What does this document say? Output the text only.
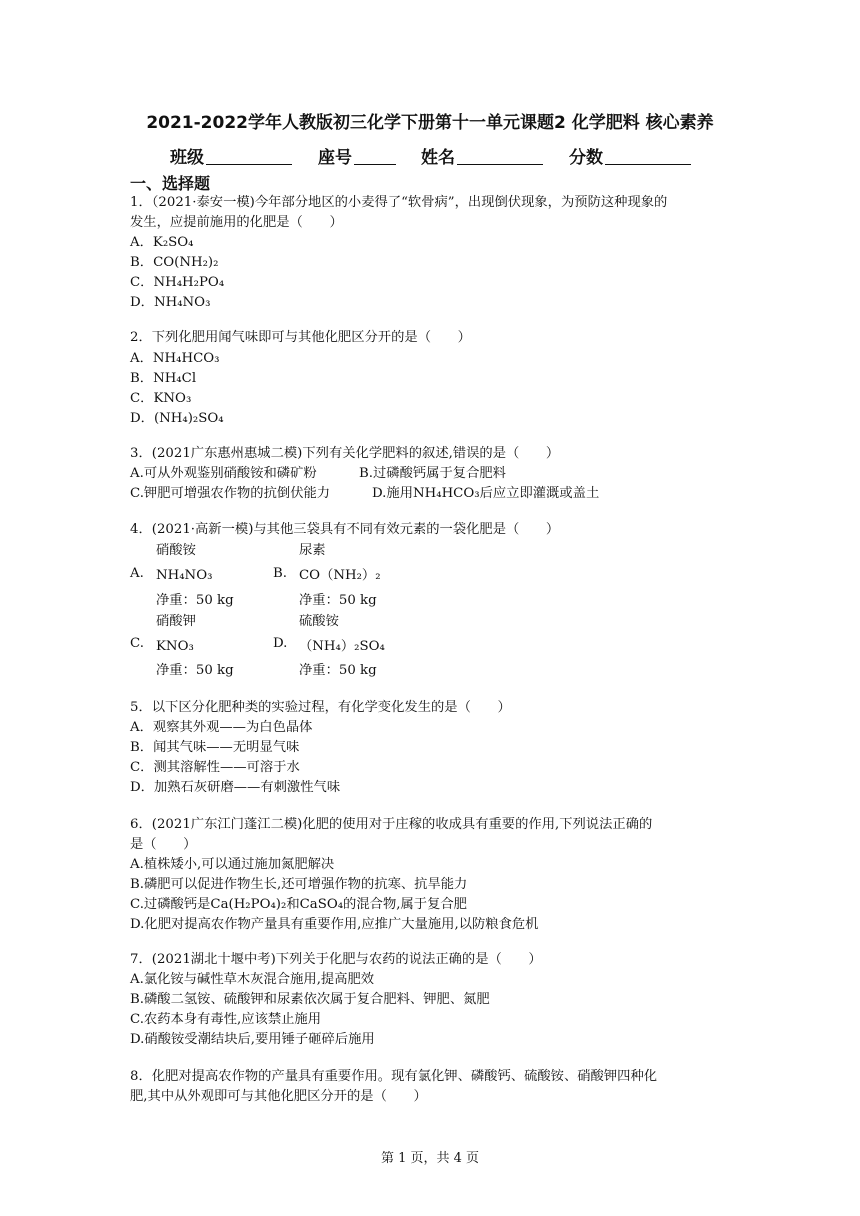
2021-2022学年人教版初三化学下册第十一单元课题2 化学肥料 核心素养
班级	座号	姓名	分数
一、选择题
1．（2021·泰安一模)今年部分地区的小麦得了“软骨病”，出现倒伏现象，为预防这种现象的
发生，应提前施用的化肥是（　　）
A．K₂SO₄
B．CO(NH₂)₂
C．NH₄H₂PO₄
D．NH₄NO₃
2．下列化肥用闻气味即可与其他化肥区分开的是（　　）
A．NH₄HCO₃
B．NH₄Cl
C．KNO₃
D．(NH₄)₂SO₄
3．(2021广东惠州惠城二模)下列有关化学肥料的叙述,错误的是（　　）
A.可从外观鉴别硝酸铵和磷矿粉	B.过磷酸钙属于复合肥料
C.钾肥可增强农作物的抗倒伏能力	D.施用NH₄HCO₃后应立即灌溉或盖土
4．(2021·高新一模)与其他三袋具有不同有效元素的一袋化肥是（　　）
硝酸铵	尿素
A. NH₄NO₃	B. CO（NH₂）₂
净重：50 kg	净重：50 kg
硝酸钾	硫酸铵
C. KNO₃	D. （NH₄）₂SO₄
净重：50 kg	净重：50 kg
5．以下区分化肥种类的实验过程，有化学变化发生的是（　　）
A．观察其外观——为白色晶体
B．闻其气味——无明显气味
C．测其溶解性——可溶于水
D．加熟石灰研磨——有刺激性气味
6．(2021广东江门蓬江二模)化肥的使用对于庄稼的收成具有重要的作用,下列说法正确的
是（　　）
A.植株矮小,可以通过施加氮肥解决
B.磷肥可以促进作物生长,还可增强作物的抗寒、抗旱能力
C.过磷酸钙是Ca(H₂PO₄)₂和CaSO₄的混合物,属于复合肥
D.化肥对提高农作物产量具有重要作用,应推广大量施用,以防粮食危机
7．(2021湖北十堰中考)下列关于化肥与农药的说法正确的是（　　）
A.氯化铵与碱性草木灰混合施用,提高肥效
B.磷酸二氢铵、硫酸钾和尿素依次属于复合肥料、钾肥、氮肥
C.农药本身有毒性,应该禁止施用
D.硝酸铵受潮结块后,要用锤子砸碎后施用
8．化肥对提高农作物的产量具有重要作用。现有氯化钾、磷酸钙、硫酸铵、硝酸钾四种化
肥,其中从外观即可与其他化肥区分开的是（　　）
第 1 页，共 4 页
